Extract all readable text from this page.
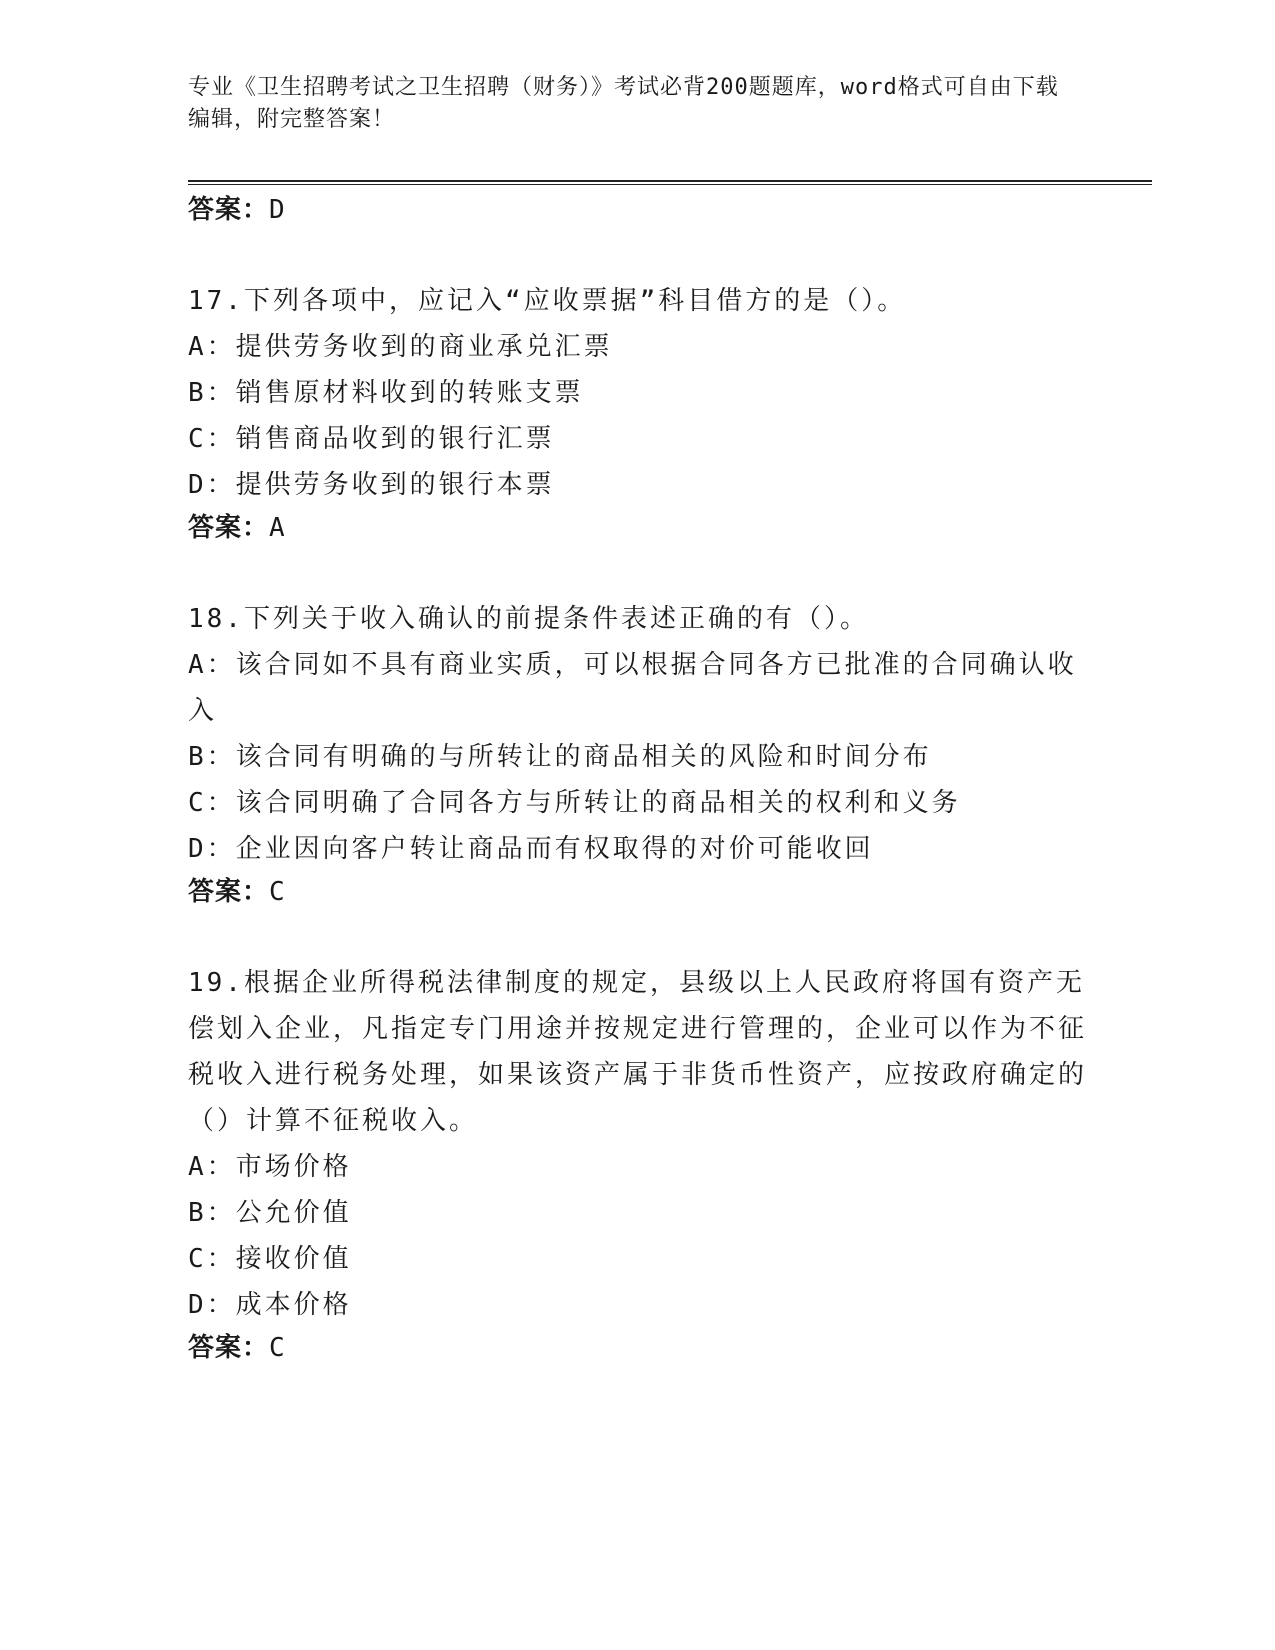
专业《卫生招聘考试之卫生招聘（财务）》考试必背200题题库，word格式可自由下载编辑，附完整答案！
答案：D
17.下列各项中，应记入“应收票据”科目借方的是（）。
A：提供劳务收到的商业承兑汇票
B：销售原材料收到的转账支票
C：销售商品收到的银行汇票
D：提供劳务收到的银行本票
答案：A
18.下列关于收入确认的前提条件表述正确的有（）。
A：该合同如不具有商业实质，可以根据合同各方已批准的合同确认收入
B：该合同有明确的与所转让的商品相关的风险和时间分布
C：该合同明确了合同各方与所转让的商品相关的权利和义务
D：企业因向客户转让商品而有权取得的对价可能收回
答案：C
19.根据企业所得税法律制度的规定，县级以上人民政府将国有资产无偿划入企业，凡指定专门用途并按规定进行管理的，企业可以作为不征税收入进行税务处理，如果该资产属于非货币性资产，应按政府确定的（）计算不征税收入。
A：市场价格
B：公允价值
C：接收价值
D：成本价格
答案：C
